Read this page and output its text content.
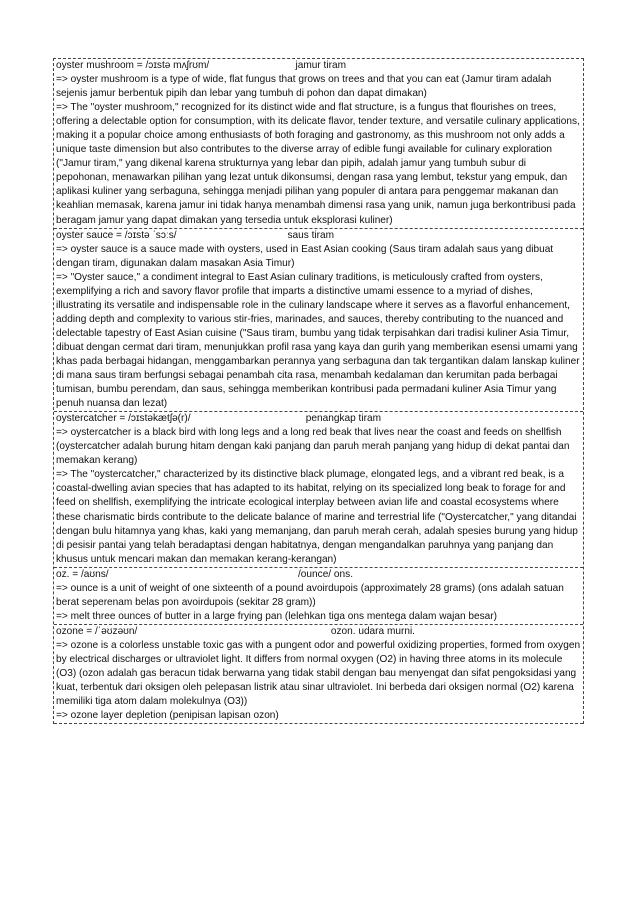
oyster mushroom = /ɔɪstə mʌʃrʊm/	jamur tiram

=> oyster mushroom is a type of wide, flat fungus that grows on trees and that you can eat (Jamur tiram adalah sejenis jamur berbentuk pipih dan lebar yang tumbuh di pohon dan dapat dimakan)

=> The "oyster mushroom," recognized for its distinct wide and flat structure, is a fungus that flourishes on trees, offering a delectable option for consumption, with its delicate flavor, tender texture, and versatile culinary applications, making it a popular choice among enthusiasts of both foraging and gastronomy, as this mushroom not only adds a unique taste dimension but also contributes to the diverse array of edible fungi available for culinary exploration ("Jamur tiram," yang dikenal karena strukturnya yang lebar dan pipih, adalah jamur yang tumbuh subur di pepohonan, menawarkan pilihan yang lezat untuk dikonsumsi, dengan rasa yang lembut, tekstur yang empuk, dan aplikasi kuliner yang serbaguna, sehingga menjadi pilihan yang populer di antara para penggemar makanan dan keahlian memasak, karena jamur ini tidak hanya menambah dimensi rasa yang unik, namun juga berkontribusi pada beragam jamur yang dapat dimakan yang tersedia untuk eksplorasi kuliner)

oyster sauce = /ɔɪstə ˈsɔːs/	saus tiram

=> oyster sauce is a sauce made with oysters, used in East Asian cooking (Saus tiram adalah saus yang dibuat dengan tiram, digunakan dalam masakan Asia Timur)

=> "Oyster sauce," a condiment integral to East Asian culinary traditions, is meticulously crafted from oysters, exemplifying a rich and savory flavor profile that imparts a distinctive umami essence to a myriad of dishes, illustrating its versatile and indispensable role in the culinary landscape where it serves as a flavorful enhancement, adding depth and complexity to various stir-fries, marinades, and sauces, thereby contributing to the nuanced and delectable tapestry of East Asian cuisine ("Saus tiram, bumbu yang tidak terpisahkan dari tradisi kuliner Asia Timur, dibuat dengan cermat dari tiram, menunjukkan profil rasa yang kaya dan gurih yang memberikan esensi umami yang khas pada berbagai hidangan, menggambarkan perannya yang serbaguna dan tak tergantikan dalam lanskap kuliner di mana saus tiram berfungsi sebagai penambah cita rasa, menambah kedalaman dan kerumitan pada berbagai tumisan, bumbu perendam, dan saus, sehingga memberikan kontribusi pada permadani kuliner Asia Timur yang penuh nuansa dan lezat)

oystercatcher = /ɔɪstəkætʃə(r)/	penangkap tiram

=> oystercatcher is a black bird with long legs and a long red beak that lives near the coast and feeds on shellfish (oystercatcher adalah burung hitam dengan kaki panjang dan paruh merah panjang yang hidup di dekat pantai dan memakan kerang)

=> The "oystercatcher," characterized by its distinctive black plumage, elongated legs, and a vibrant red beak, is a coastal-dwelling avian species that has adapted to its habitat, relying on its specialized long beak to forage for and feed on shellfish, exemplifying the intricate ecological interplay between avian life and coastal ecosystems where these charismatic birds contribute to the delicate balance of marine and terrestrial life ("Oystercatcher," yang ditandai dengan bulu hitamnya yang khas, kaki yang memanjang, dan paruh merah cerah, adalah spesies burung yang hidup di pesisir pantai yang telah beradaptasi dengan habitatnya, dengan mengandalkan paruhnya yang panjang dan khusus untuk mencari makan dan memakan kerang-kerangan)

oz. = /aʊns/	/ounce/ ons.

=> ounce is a unit of weight of one sixteenth of a pound avoirdupois (approximately 28 grams) (ons adalah satuan berat seperenam belas pon avoirdupois (sekitar 28 gram))

=> melt three ounces of butter in a large frying pan (lelehkan tiga ons mentega dalam wajan besar)

ozone = /ˈəʊzəʊn/	ozon. udara murni.

=> ozone is a colorless unstable toxic gas with a pungent odor and powerful oxidizing properties, formed from oxygen by electrical discharges or ultraviolet light. It differs from normal oxygen (O2) in having three atoms in its molecule (O3) (ozon adalah gas beracun tidak berwarna yang tidak stabil dengan bau menyengat dan sifat pengoksidasi yang kuat, terbentuk dari oksigen oleh pelepasan listrik atau sinar ultraviolet. Ini berbeda dari oksigen normal (O2) karena memiliki tiga atom dalam molekulnya (O3))

=> ozone layer depletion (penipisan lapisan ozon)
